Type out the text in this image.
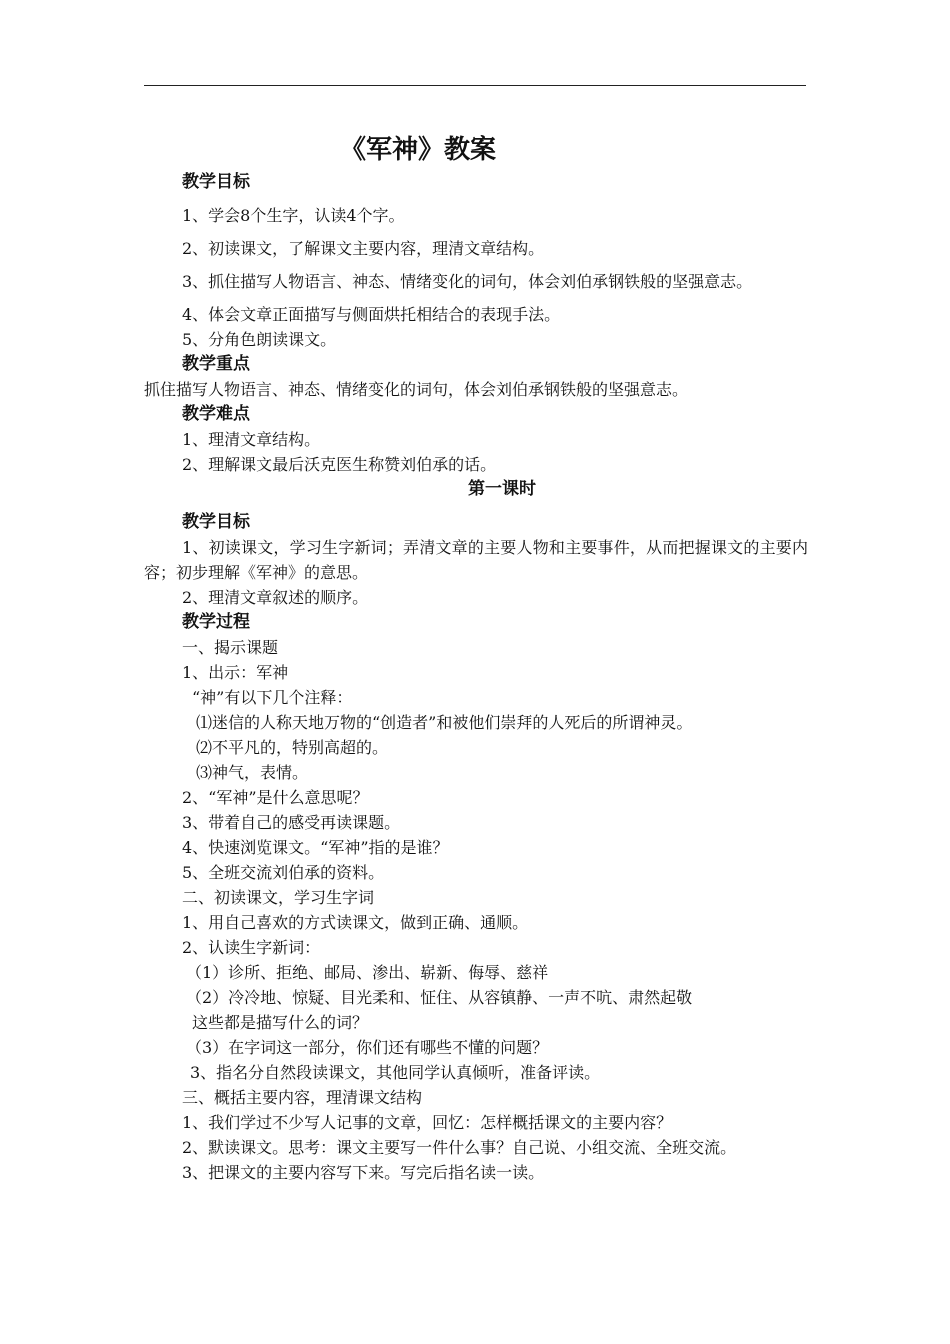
《军神》教案

教学目标

1、学会8个生字，认读4个字。

2、初读课文，了解课文主要内容，理清文章结构。

3、抓住描写人物语言、神态、情绪变化的词句，体会刘伯承钢铁般的坚强意志。

4、体会文章正面描写与侧面烘托相结合的表现手法。

5、分角色朗读课文。

教学重点

抓住描写人物语言、神态、情绪变化的词句，体会刘伯承钢铁般的坚强意志。

教学难点

1、理清文章结构。

2、理解课文最后沃克医生称赞刘伯承的话。

第一课时

教学目标

1、初读课文，学习生字新词；弄清文章的主要人物和主要事件，从而把握课文的主要内容；初步理解《军神》的意思。

2、理清文章叙述的顺序。

教学过程

一、揭示课题

1、出示：军神

“神”有以下几个注释：

⑴迷信的人称天地万物的“创造者”和被他们崇拜的人死后的所谓神灵。

⑵不平凡的，特别高超的。

⑶神气，表情。

2、“军神”是什么意思呢？

3、带着自己的感受再读课题。

4、快速浏览课文。“军神”指的是谁？

5、全班交流刘伯承的资料。

二、初读课文，学习生字词

1、用自己喜欢的方式读课文，做到正确、通顺。

2、认读生字新词：

（1）诊所、拒绝、邮局、渗出、崭新、侮辱、慈祥

（2）冷冷地、惊疑、目光柔和、怔住、从容镇静、一声不吭、肃然起敬

这些都是描写什么的词？

（3）在字词这一部分，你们还有哪些不懂的问题？

3、指名分自然段读课文，其他同学认真倾听，准备评读。

三、概括主要内容，理清课文结构

1、我们学过不少写人记事的文章，回忆：怎样概括课文的主要内容？

2、默读课文。思考：课文主要写一件什么事？自己说、小组交流、全班交流。

3、把课文的主要内容写下来。写完后指名读一读。
